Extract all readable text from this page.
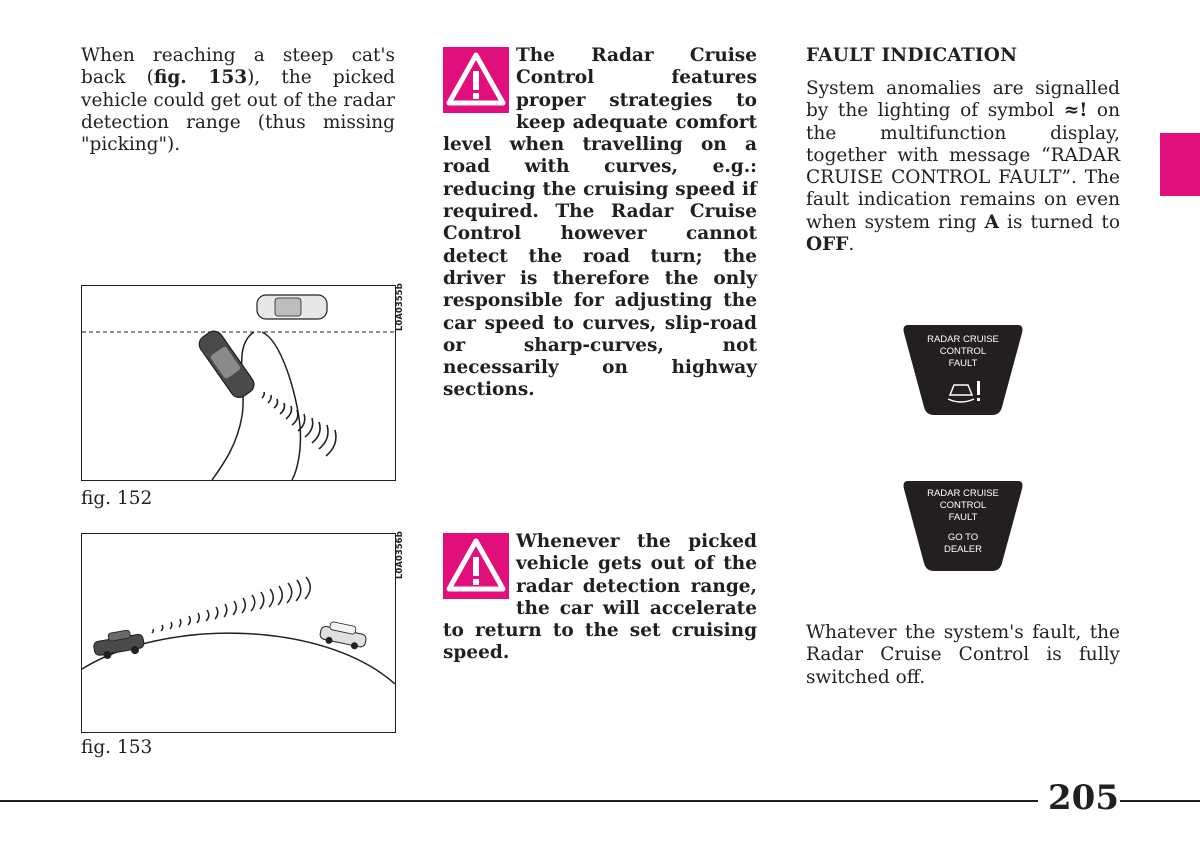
When reaching a steep cat's back (fig. 153), the picked vehicle could get out of the radar detection range (thus missing "picking").
L0A0355b
fig. 152
L0A0356b
fig. 153
The Radar Cruise Control features proper strategies to keep adequate comfort level when travelling on a road with curves, e.g.: reducing the cruising speed if required. The Radar Cruise Control however cannot detect the road turn; the driver is therefore the only responsible for adjusting the car speed to curves, slip-road or sharp-curves, not necessarily on highway sections.
Whenever the picked vehicle gets out of the radar detection range, the car will accelerate to return to the set cruising speed.
FAULT INDICATION
System anomalies are signalled by the lighting of symbol ≈! on the multifunction display, together with message “RADAR CRUISE CONTROL FAULT”. The fault indication remains on even when system ring A is turned to OFF.
RADAR CRUISE
CONTROL
FAULT
RADAR CRUISE
CONTROL
FAULT
GO TO
DEALER
Whatever the system's fault, the Radar Cruise Control is fully switched off.
205
